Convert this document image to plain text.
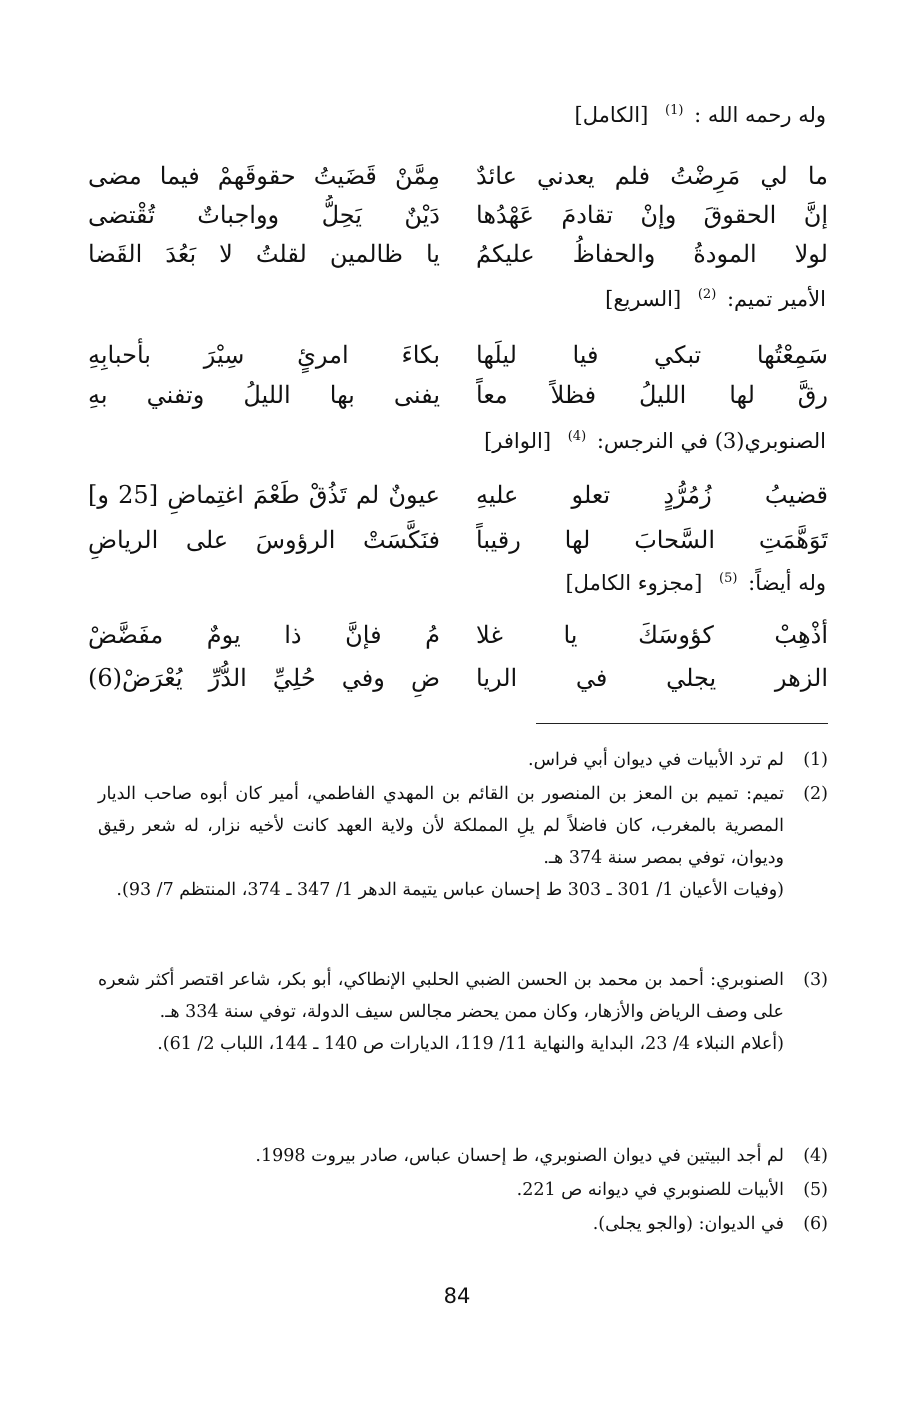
وله رحمه الله : $^{(1)}$ [الكامل]
ما لي مَرِضْتُ فلم يعدني عائدٌ
مِمَّنْ قَضَيتُ حقوقَهمْ فيما مضى
إنَّ الحقوقَ وإنْ تقادمَ عَهْدُها
دَيْنٌ يَحِلُّ وواجباتٌ تُقْتضى
لولا المودةُ والحفاظُ عليكمُ
يا ظالمين لقلتُ لا بَعُدَ القَضا
الأمير تميم: $^{(2)}$ [السريع]
سَمِعْتُها تبكي فيا ليلَها
بكاءَ امرئٍ سِيْرَ بأحبابِهِ
رقَّ لها الليلُ فظلاً معاً
يفنى بها الليلُ وتفني بهِ
الصنوبري(3) في النرجس: $^{(4)}$ [الوافر]
قضيبُ زُمُرُّدٍ تعلو عليهِ
عيونٌ لم تَذُقْ طَعْمَ اغتِماضِ [25 و]
تَوَهَّمَتِ السَّحابَ لها رقيباً
فنَكَّسَتْ الرؤوسَ على الرياضِ
وله أيضاً: $^{(5)}$ [مجزوء الكامل]
أذْهِبْ كؤوسَكَ يا غلا
مُ فإنَّ ذا يومٌ مفَضَّضْ
الزهر يجلي في الريا
ضِ وفي حُلِيِّ الدُّرِّ يُعْرَضْ(6)
(1)

لم ترد الأبيات في ديوان أبي فراس.

(2)

تميم: تميم بن المعز بن المنصور بن القائم بن المهدي الفاطمي، أمير كان أبوه صاحب الديار المصرية بالمغرب، كان فاضلاً لم يلِ المملكة لأن ولاية العهد كانت لأخيه نزار، له شعر رقيق وديوان، توفي بمصر سنة 374 هـ.

(وفيات الأعيان 1/ 301 ـ 303 ط إحسان عباس يتيمة الدهر 1/ 347 ـ 374، المنتظم 7/ 93).

(3)

الصنوبري: أحمد بن محمد بن الحسن الضبي الحلبي الإنطاكي، أبو بكر، شاعر اقتصر أكثر شعره على وصف الرياض والأزهار، وكان ممن يحضر مجالس سيف الدولة، توفي سنة 334 هـ.

(أعلام النبلاء 4/ 23، البداية والنهاية 11/ 119، الديارات ص 140 ـ 144، اللباب 2/ 61).

(4)

لم أجد البيتين في ديوان الصنوبري، ط إحسان عباس، صادر بيروت 1998.

(5)

الأبيات للصنوبري في ديوانه ص 221.

(6)

في الديوان: (والجو يجلى).

84
